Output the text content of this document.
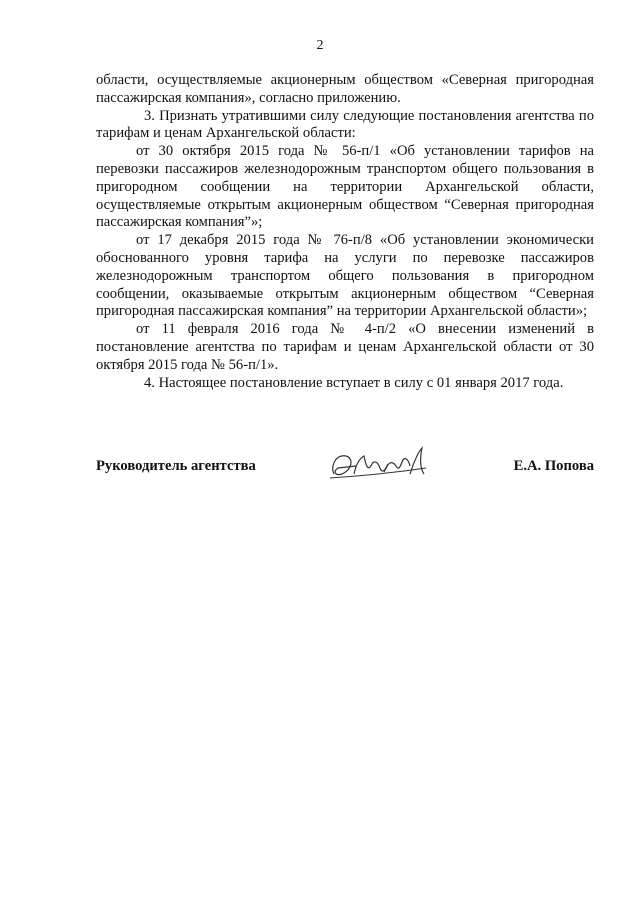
2

области, осуществляемые акционерным обществом «Северная пригородная пассажирская компания», согласно приложению.

3. Признать утратившими силу следующие постановления агентства по тарифам и ценам Архангельской области:

от 30 октября 2015 года № 56-п/1 «Об установлении тарифов на перевозки пассажиров железнодорожным транспортом общего пользования в пригородном сообщении на территории Архангельской области, осуществляемые открытым акционерным обществом “Северная пригородная пассажирская компания”»;

от 17 декабря 2015 года № 76-п/8 «Об установлении экономически обоснованного уровня тарифа на услуги по перевозке пассажиров железнодорожным транспортом общего пользования в пригородном сообщении, оказываемые открытым акционерным обществом “Северная пригородная пассажирская компания” на территории Архангельской области»;

от 11 февраля 2016 года № 4-п/2 «О внесении изменений в постановление агентства по тарифам и ценам Архангельской области от 30 октября 2015 года № 56-п/1».

4. Настоящее постановление вступает в силу с 01 января 2017 года.

Руководитель агентства	Е.А. Попова
